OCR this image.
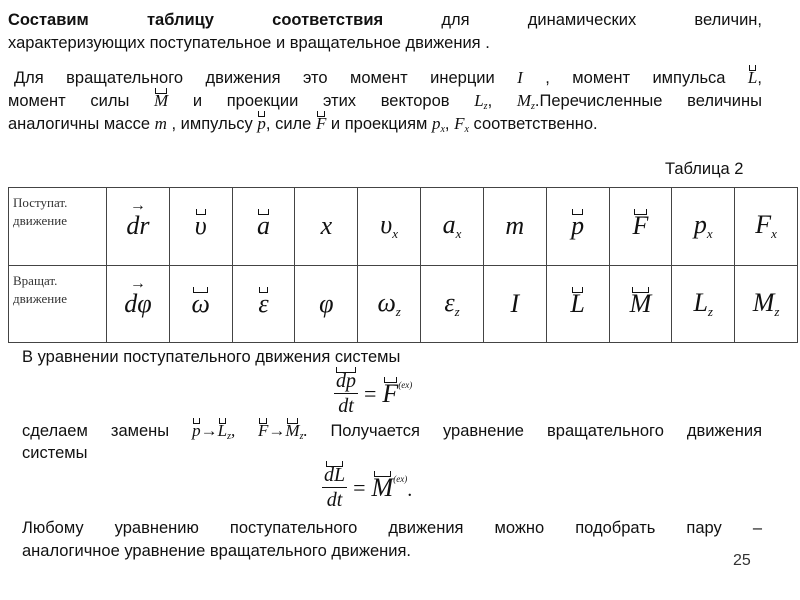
Составим таблицу соответствия для динамических величин,

характеризующих поступательное и вращательное движения .

Для вращательного движения это момент инерции I , момент импульса L,

момент силы M и проекции этих векторов $L_z$, $M_z.Перечисленные$ величины

аналогичны массе m , импульсу p, силе F и проекциям $p_x$, $F_x$ соответственно.

Таблица 2
Поступат.
движение	→ dr	υ	a	x	υx	ax	m	p	F	px	Fx

Вращат.
движение	→ dφ	ω	ε	φ	ωz	εz	I	L	M	Lz	Mz

В уравнении поступательного движения системы

$\frac{dp}{dt} = F^{(ex)}$

сделаем замены $p\to L_z$, $F\to M_z$. Получается уравнение вращательного движения

системы

$\frac{dL}{dt} = M^{(ex)}$.

Любому уравнению поступательного движения можно подобрать пару –

аналогичное уравнение вращательного движения.

25
